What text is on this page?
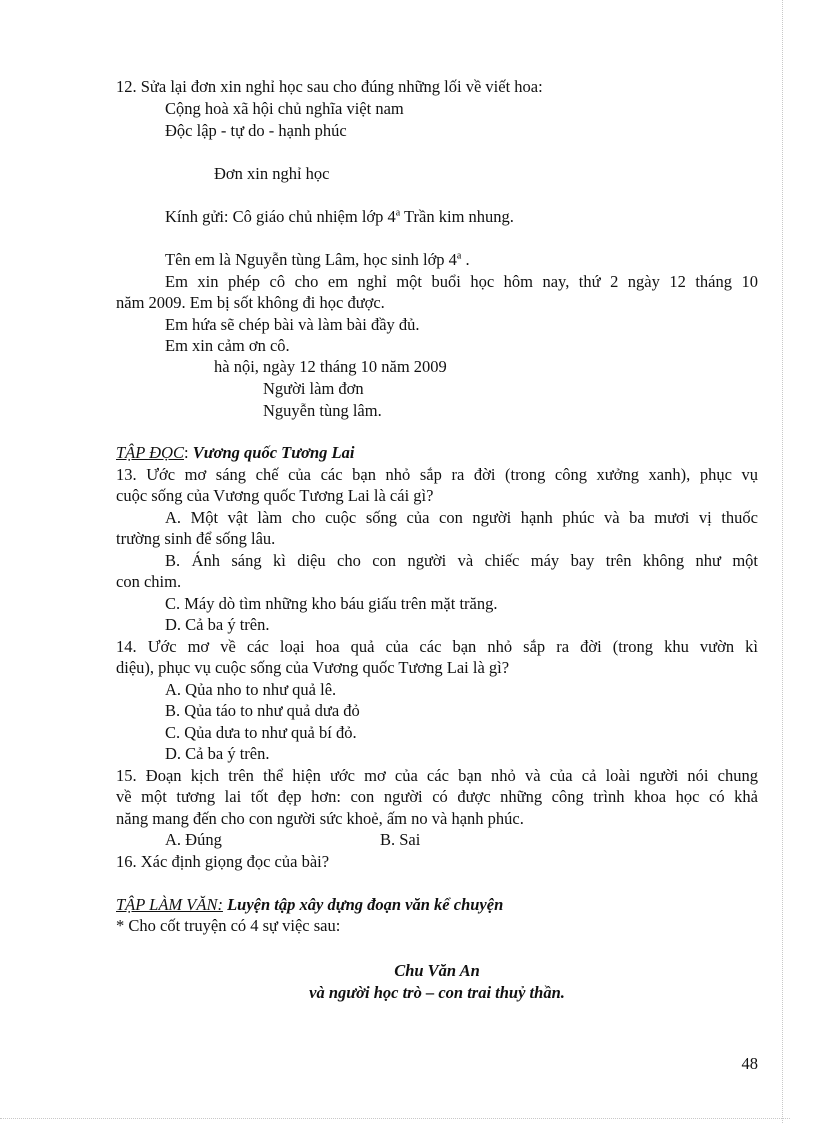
12. Sửa lại đơn xin nghỉ học sau cho đúng những lối về viết hoa:
Cộng hoà xã hội chủ nghĩa việt nam
Độc lập - tự do - hạnh phúc
Đơn xin nghỉ học
Kính gửi: Cô giáo chủ nhiệm lớp 4$^a$ Trần kim nhung.
Tên em là Nguyễn tùng Lâm, học sinh lớp 4$^a$ .
Em xin phép cô cho em nghỉ một buổi học hôm nay, thứ 2 ngày 12 tháng 10
năm 2009. Em bị sốt không đi học được.
Em hứa sẽ chép bài và làm bài đầy đủ.
Em xin cảm ơn cô.
hà nội, ngày 12 tháng 10 năm 2009
Người làm đơn
Nguyễn tùng lâm.
TẬP ĐỌC: Vương quốc Tương Lai
13. Ước mơ sáng chế của các bạn nhỏ sắp ra đời (trong công xưởng xanh), phục vụ
cuộc sống của Vương quốc Tương Lai là cái gì?
A. Một vật làm cho cuộc sống của con người hạnh phúc và ba mươi vị thuốc
trường sinh để sống lâu.
B. Ánh sáng kì diệu cho con người và chiếc máy bay trên không như một
con chim.
C. Máy dò tìm những kho báu giấu trên mặt trăng.
D. Cả ba ý trên.
14. Ước mơ về các loại hoa quả của các bạn nhỏ sắp ra đời (trong khu vườn kì
diệu), phục vụ cuộc sống của Vương quốc Tương Lai là gì?
A. Qủa nho to như quả lê.
B. Qủa táo to như quả dưa đỏ
C. Qủa dưa to như quả bí đỏ.
D. Cả ba ý trên.
15. Đoạn kịch trên thể hiện ước mơ của các bạn nhỏ và của cả loài người nói chung
về một tương lai tốt đẹp hơn: con người có được những công trình khoa học có khả
năng mang đến cho con người sức khoẻ, ấm no và hạnh phúc.
A. Đúng	B. Sai
16. Xác định giọng đọc của bài?
TẬP LÀM VĂN: Luyện tập xây dựng đoạn văn kể chuyện
* Cho cốt truyện có 4 sự việc sau:
Chu Văn An
và người học trò – con trai thuỷ thần.
48
